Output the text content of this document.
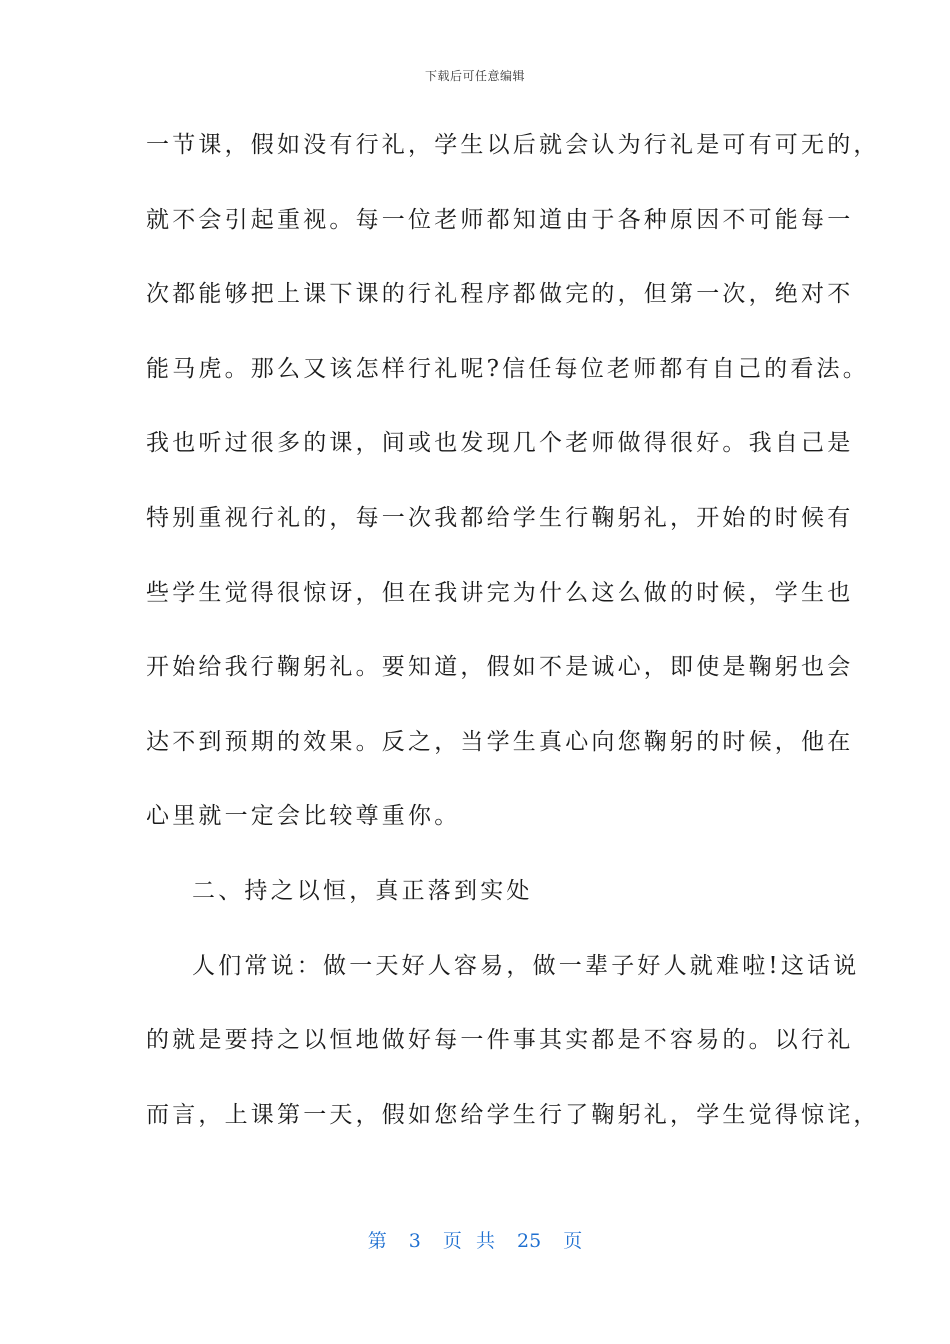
下载后可任意编辑
一节课，假如没有行礼，学生以后就会认为行礼是可有可无的，
就不会引起重视。每一位老师都知道由于各种原因不可能每一
次都能够把上课下课的行礼程序都做完的，但第一次，绝对不
能马虎。那么又该怎样行礼呢?信任每位老师都有自己的看法。
我也听过很多的课，间或也发现几个老师做得很好。我自己是
特别重视行礼的，每一次我都给学生行鞠躬礼，开始的时候有
些学生觉得很惊讶，但在我讲完为什么这么做的时候，学生也
开始给我行鞠躬礼。要知道，假如不是诚心，即使是鞠躬也会
达不到预期的效果。反之，当学生真心向您鞠躬的时候，他在
心里就一定会比较尊重你。
二、持之以恒，真正落到实处
人们常说：做一天好人容易，做一辈子好人就难啦!这话说
的就是要持之以恒地做好每一件事其实都是不容易的。以行礼
而言，上课第一天，假如您给学生行了鞠躬礼，学生觉得惊诧，
第 3 页 共 25 页
